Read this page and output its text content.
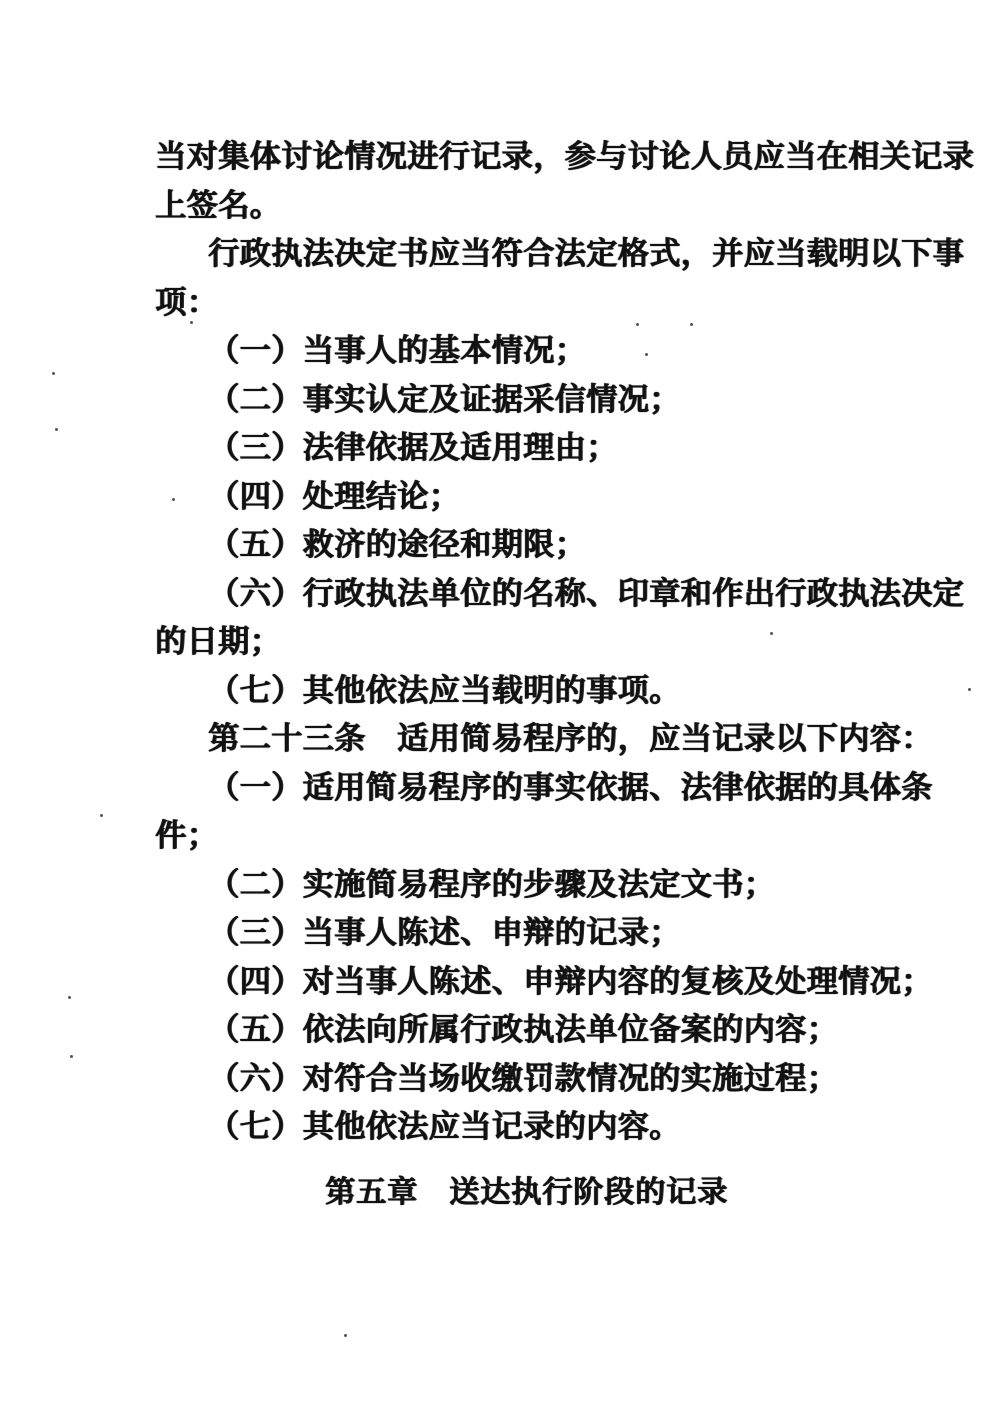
当对集体讨论情况进行记录，参与讨论人员应当在相关记录
上签名。
行政执法决定书应当符合法定格式，并应当载明以下事
项：
（一）当事人的基本情况；
（二）事实认定及证据采信情况；
（三）法律依据及适用理由；
（四）处理结论；
（五）救济的途径和期限；
（六）行政执法单位的名称、印章和作出行政执法决定
的日期；
（七）其他依法应当载明的事项。
第二十三条　适用简易程序的，应当记录以下内容：
（一）适用简易程序的事实依据、法律依据的具体条
件；
（二）实施简易程序的步骤及法定文书；
（三）当事人陈述、申辩的记录；
（四）对当事人陈述、申辩内容的复核及处理情况；
（五）依法向所属行政执法单位备案的内容；
（六）对符合当场收缴罚款情况的实施过程；
（七）其他依法应当记录的内容。
第五章　送达执行阶段的记录
